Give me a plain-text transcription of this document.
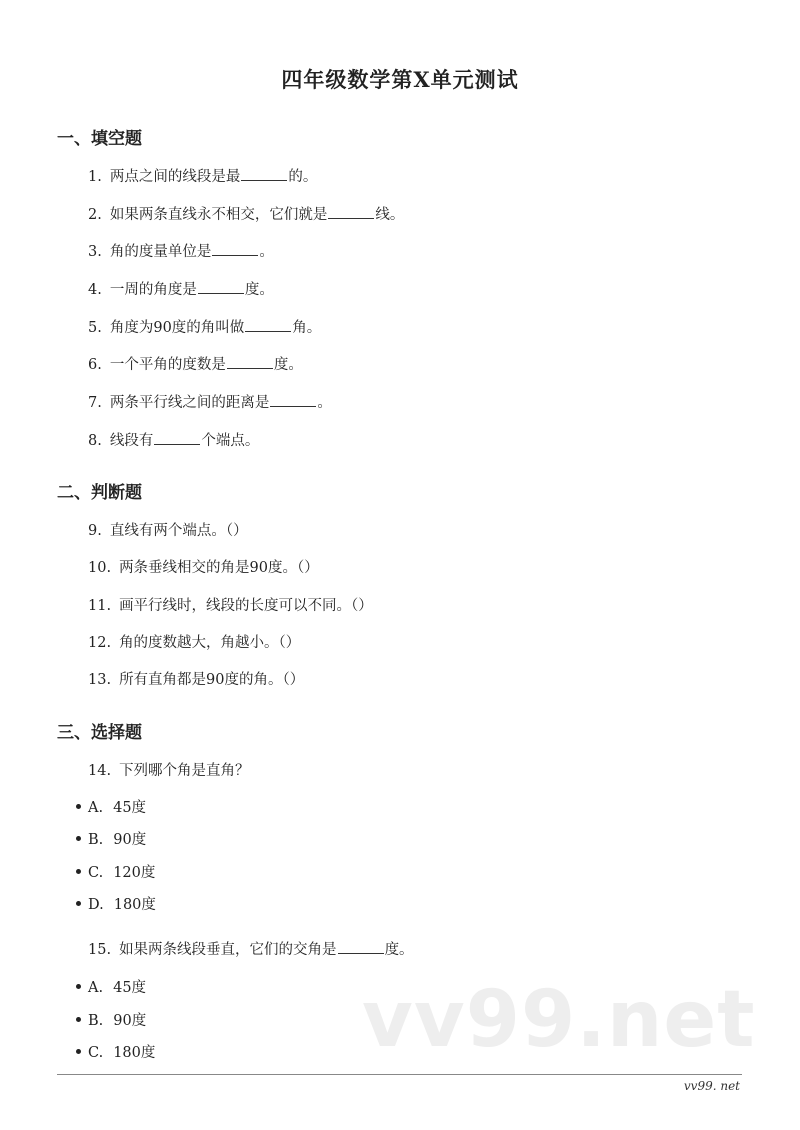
四年级数学第X单元测试
一、填空题
1. 两点之间的线段是最	的。
2. 如果两条直线永不相交，它们就是	线。
3. 角的度量单位是	。
4. 一周的角度是	度。
5. 角度为90度的角叫做	角。
6. 一个平角的度数是	度。
7. 两条平行线之间的距离是	。
8. 线段有	个端点。
二、判断题
9. 直线有两个端点。（）
10. 两条垂线相交的角是90度。（）
11. 画平行线时，线段的长度可以不同。（）
12. 角的度数越大，角越小。（）
13. 所有直角都是90度的角。（）
三、选择题
14. 下列哪个角是直角？
A. 45度
B. 90度
C. 120度
D. 180度
15. 如果两条线段垂直，它们的交角是	度。
A. 45度
B. 90度
C. 180度	vv99.net
vv99. net
